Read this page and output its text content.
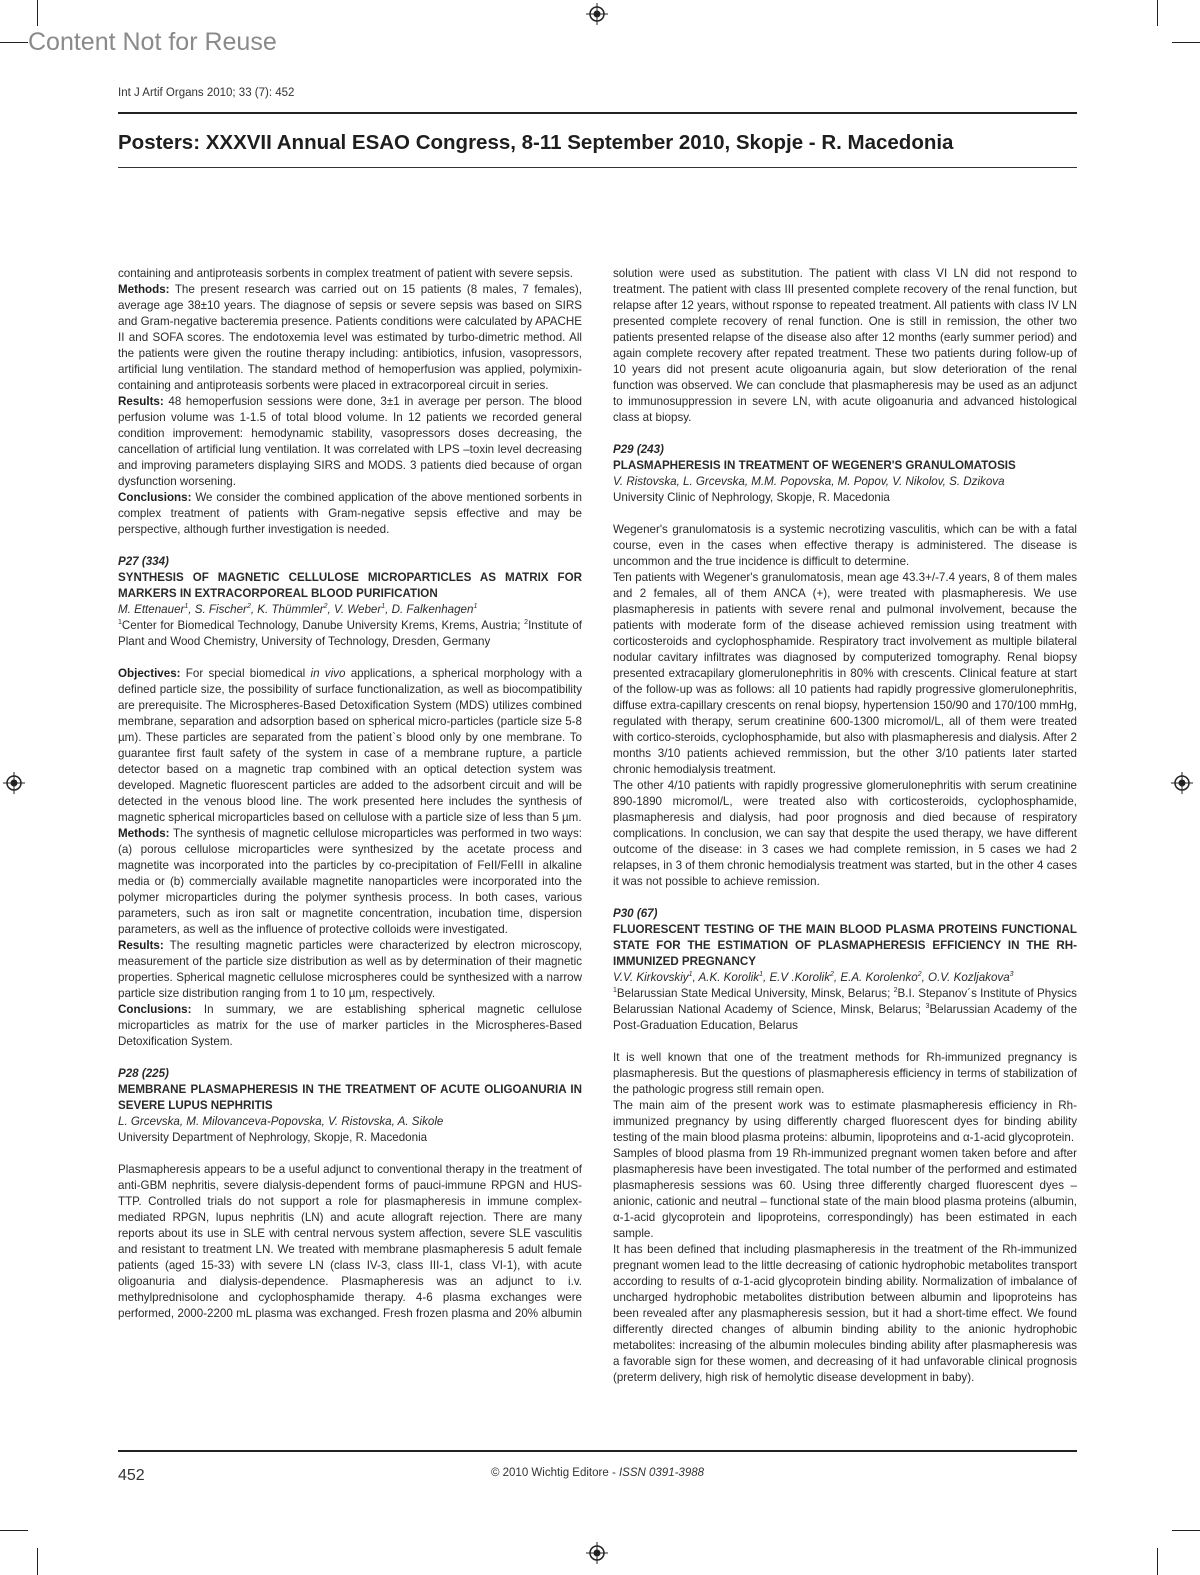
Content Not for Reuse
Int J Artif Organs 2010; 33 (7): 452
Posters: XXXVII Annual ESAO Congress, 8-11 September 2010, Skopje - R. Macedonia
containing and antiproteasis sorbents in complex treatment of patient with severe sepsis.
Methods: The present research was carried out on 15 patients (8 males, 7 females), average age 38±10 years. The diagnose of sepsis or severe sepsis was based on SIRS and Gram-negative bacteremia presence. Patients conditions were calculated by APACHE II and SOFA scores. The endotoxemia level was estimated by turbo-dimetric method. All the patients were given the routine therapy including: antibiotics, infusion, vasopressors, artificial lung ventilation. The standard method of hemoperfusion was applied, polymixin-containing and antiproteasis sorbents were placed in extracorporeal circuit in series.
Results: 48 hemoperfusion sessions were done, 3±1 in average per person. The blood perfusion volume was 1-1.5 of total blood volume. In 12 patients we recorded general condition improvement: hemodynamic stability, vasopressors doses decreasing, the cancellation of artificial lung ventilation. It was correlated with LPS –toxin level decreasing and improving parameters displaying SIRS and MODS. 3 patients died because of organ dysfunction worsening.
Conclusions: We consider the combined application of the above mentioned sorbents in complex treatment of patients with Gram-negative sepsis effective and may be perspective, although further investigation is needed.
P27 (334)
SYNTHESIS OF MAGNETIC CELLULOSE MICROPARTICLES AS MATRIX FOR MARKERS IN EXTRACORPOREAL BLOOD PURIFICATION
M. Ettenauer$^1$, S. Fischer$^2$, K. Thümmler$^2$, V. Weber$^1$, D. Falkenhagen$^1$
$^1$Center for Biomedical Technology, Danube University Krems, Krems, Austria; $^2$Institute of Plant and Wood Chemistry, University of Technology, Dresden, Germany
Objectives: For special biomedical in vivo applications, a spherical morphology with a defined particle size, the possibility of surface functionalization, as well as biocompatibility are prerequisite. The Microspheres-Based Detoxification System (MDS) utilizes combined membrane, separation and adsorption based on spherical micro-particles (particle size 5-8 µm). These particles are separated from the patient`s blood only by one membrane. To guarantee first fault safety of the system in case of a membrane rupture, a particle detector based on a magnetic trap combined with an optical detection system was developed. Magnetic fluorescent particles are added to the adsorbent circuit and will be detected in the venous blood line. The work presented here includes the synthesis of magnetic spherical microparticles based on cellulose with a particle size of less than 5 µm.
Methods: The synthesis of magnetic cellulose microparticles was performed in two ways: (a) porous cellulose microparticles were synthesized by the acetate process and magnetite was incorporated into the particles by co-precipitation of FeII/FeIII in alkaline media or (b) commercially available magnetite nanoparticles were incorporated into the polymer microparticles during the polymer synthesis process. In both cases, various parameters, such as iron salt or magnetite concentration, incubation time, dispersion parameters, as well as the influence of protective colloids were investigated.
Results: The resulting magnetic particles were characterized by electron microscopy, measurement of the particle size distribution as well as by determination of their magnetic properties. Spherical magnetic cellulose microspheres could be synthesized with a narrow particle size distribution ranging from 1 to 10 µm, respectively.
Conclusions: In summary, we are establishing spherical magnetic cellulose microparticles as matrix for the use of marker particles in the Microspheres-Based Detoxification System.
P28 (225)
MEMBRANE PLASMAPHERESIS IN THE TREATMENT OF ACUTE OLIGOANURIA IN SEVERE LUPUS NEPHRITIS
L. Grcevska, M. Milovanceva-Popovska, V. Ristovska, A. Sikole
University Department of Nephrology, Skopje, R. Macedonia
Plasmapheresis appears to be a useful adjunct to conventional therapy in the treatment of anti-GBM nephritis, severe dialysis-dependent forms of pauci-immune RPGN and HUS-TTP. Controlled trials do not support a role for plasmapheresis in immune complex-mediated RPGN, lupus nephritis (LN) and acute allograft rejection. There are many reports about its use in SLE with central nervous system affection, severe SLE vasculitis and resistant to treatment LN. We treated with membrane plasmapheresis 5 adult female patients (aged 15-33) with severe LN (class IV-3, class III-1, class VI-1), with acute oligoanuria and dialysis-dependence. Plasmapheresis was an adjunct to i.v. methylprednisolone and cyclophosphamide therapy. 4-6 plasma exchanges were performed, 2000-2200 mL plasma was exchanged. Fresh frozen plasma and 20% albumin
solution were used as substitution. The patient with class VI LN did not respond to treatment. The patient with class III presented complete recovery of the renal function, but relapse after 12 years, without rsponse to repeated treatment. All patients with class IV LN presented complete recovery of renal function. One is still in remission, the other two patients presented relapse of the disease also after 12 months (early summer period) and again complete recovery after repated treatment. These two patients during follow-up of 10 years did not present acute oligoanuria again, but slow deterioration of the renal function was observed. We can conclude that plasmapheresis may be used as an adjunct to immunosuppression in severe LN, with acute oligoanuria and advanced histological class at biopsy.
P29 (243)
PLASMAPHERESIS IN TREATMENT OF WEGENER'S GRANULOMATOSIS
V. Ristovska, L. Grcevska, M.M. Popovska, M. Popov, V. Nikolov, S. Dzikova
University Clinic of Nephrology, Skopje, R. Macedonia
Wegener's granulomatosis is a systemic necrotizing vasculitis, which can be with a fatal course, even in the cases when effective therapy is administered. The disease is uncommon and the true incidence is difficult to determine.
Ten patients with Wegener's granulomatosis, mean age 43.3+/-7.4 years, 8 of them males and 2 females, all of them ANCA (+), were treated with plasmapheresis. We use plasmapheresis in patients with severe renal and pulmonal involvement, because the patients with moderate form of the disease achieved remission using treatment with corticosteroids and cyclophosphamide. Respiratory tract involvement as multiple bilateral nodular cavitary infiltrates was diagnosed by computerized tomography. Renal biopsy presented extracapilary glomerulonephritis in 80% with crescents. Clinical feature at start of the follow-up was as follows: all 10 patients had rapidly progressive glomerulonephritis, diffuse extra-capillary crescents on renal biopsy, hypertension 150/90 and 170/100 mmHg, regulated with therapy, serum creatinine 600-1300 micromol/L, all of them were treated with cortico-steroids, cyclophosphamide, but also with plasmapheresis and dialysis. After 2 months 3/10 patients achieved remmission, but the other 3/10 patients later started chronic hemodialysis treatment.
The other 4/10 patients with rapidly progressive glomerulonephritis with serum creatinine 890-1890 micromol/L, were treated also with corticosteroids, cyclophosphamide, plasmapheresis and dialysis, had poor prognosis and died because of respiratory complications. In conclusion, we can say that despite the used therapy, we have different outcome of the disease: in 3 cases we had complete remission, in 5 cases we had 2 relapses, in 3 of them chronic hemodialysis treatment was started, but in the other 4 cases it was not possible to achieve remission.
P30 (67)
FLUORESCENT TESTING OF THE MAIN BLOOD PLASMA PROTEINS FUNCTIONAL STATE FOR THE ESTIMATION OF PLASMAPHERESIS EFFICIENCY IN THE RH- IMMUNIZED PREGNANCY
V.V. Kirkovskiy$^1$, A.K. Korolik$^1$, E.V .Korolik$^2$, E.A. Korolenko$^2$, O.V. Kozljakova$^3$
$^1$Belarussian State Medical University, Minsk, Belarus; $^2$B.I. Stepanov´s Institute of Physics Belarussian National Academy of Science, Minsk, Belarus; $^3$Belarussian Academy of the Post-Graduation Education, Belarus
It is well known that one of the treatment methods for Rh-immunized pregnancy is plasmapheresis. But the questions of plasmapheresis efficiency in terms of stabilization of the pathologic progress still remain open.
The main aim of the present work was to estimate plasmapheresis efficiency in Rh-immunized pregnancy by using differently charged fluorescent dyes for binding ability testing of the main blood plasma proteins: albumin, lipoproteins and α-1-acid glycoprotein.
Samples of blood plasma from 19 Rh-immunized pregnant women taken before and after plasmapheresis have been investigated. The total number of the performed and estimated plasmapheresis sessions was 60. Using three differently charged fluorescent dyes – anionic, cationic and neutral – functional state of the main blood plasma proteins (albumin, α-1-acid glycoprotein and lipoproteins, correspondingly) has been estimated in each sample.
It has been defined that including plasmapheresis in the treatment of the Rh-immunized pregnant women lead to the little decreasing of cationic hydrophobic metabolites transport according to results of α-1-acid glycoprotein binding ability. Normalization of imbalance of uncharged hydrophobic metabolites distribution between albumin and lipoproteins has been revealed after any plasmapheresis session, but it had a short-time effect. We found differently directed changes of albumin binding ability to the anionic hydrophobic metabolites: increasing of the albumin molecules binding ability after plasmapheresis was a favorable sign for these women, and decreasing of it had unfavorable clinical prognosis (preterm delivery, high risk of hemolytic disease development in baby).
452	© 2010 Wichtig Editore - ISSN 0391-3988
